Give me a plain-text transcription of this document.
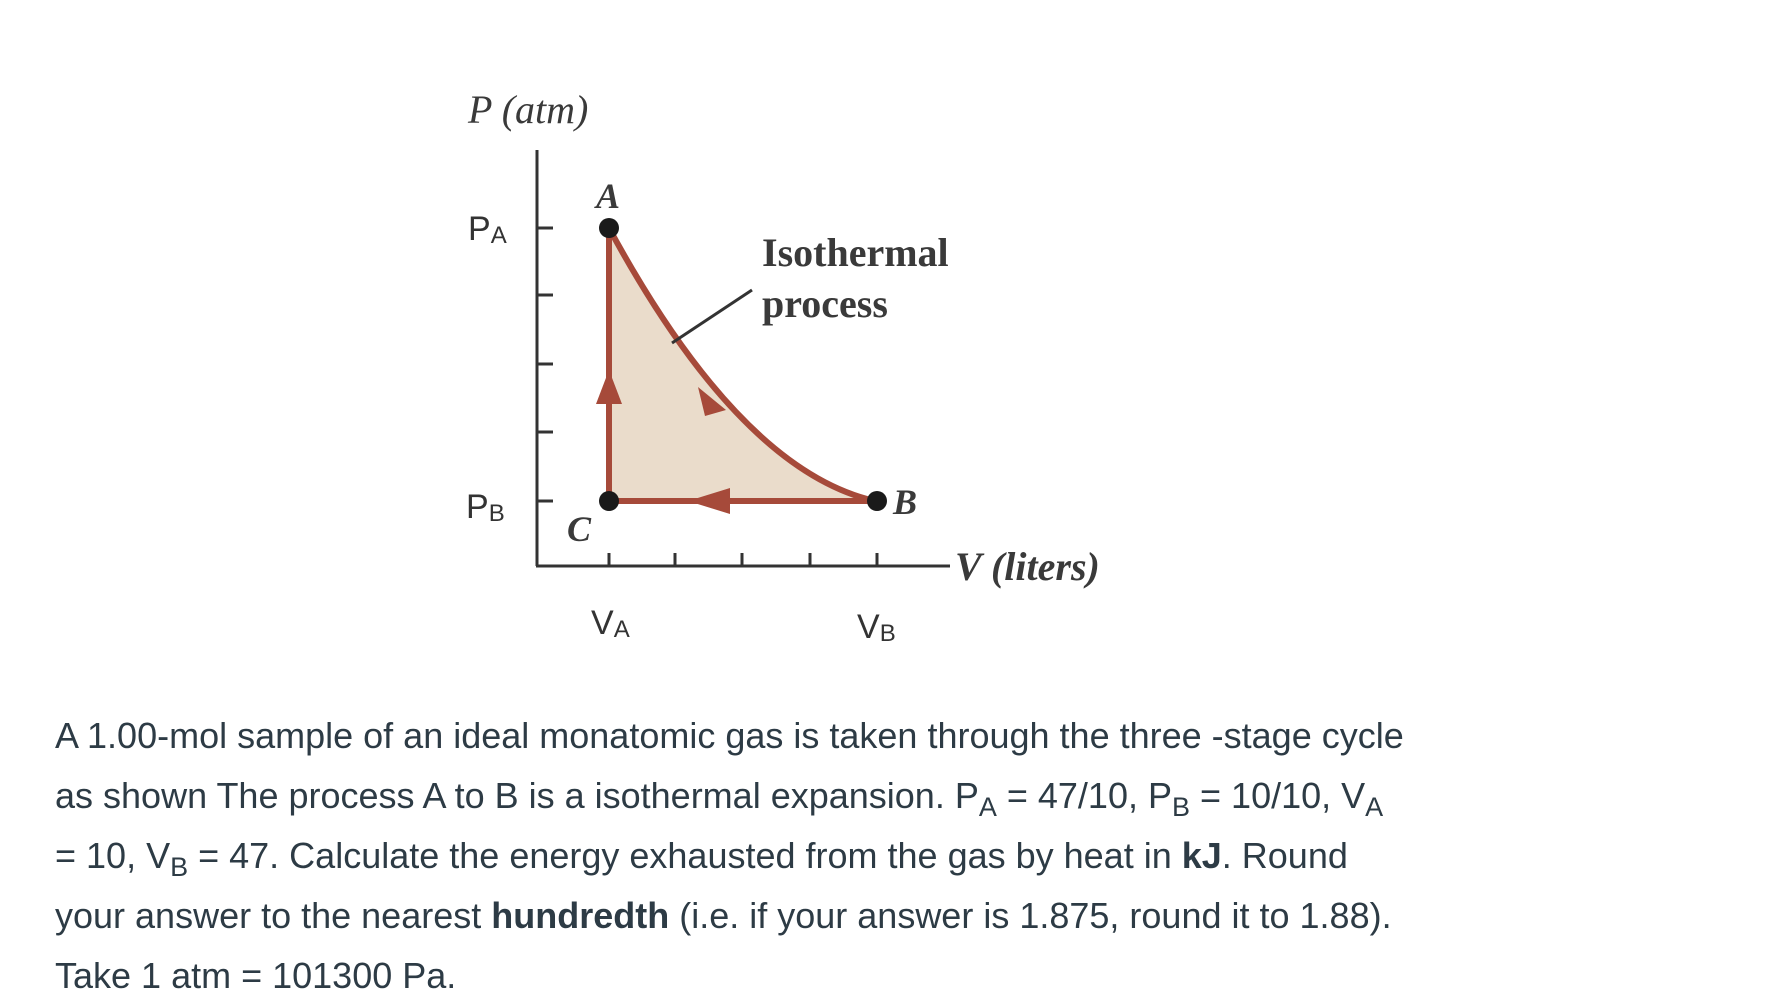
P (atm)
V (liters)
A
B
C
Isothermal
process
PA
PB
VA	VB

A 1.00-mol sample of an ideal monatomic gas is taken through the three -stage cycle

as shown The process A to B is a isothermal expansion. $P_A = 47/10$, $P_B = 10/10$, $V_A$

= 10, $V_B = 47$. Calculate the energy exhausted from the gas by heat in kJ. Round

your answer to the nearest hundredth (i.e. if your answer is 1.875, round it to 1.88).

Take 1 atm = 101300 Pa.
